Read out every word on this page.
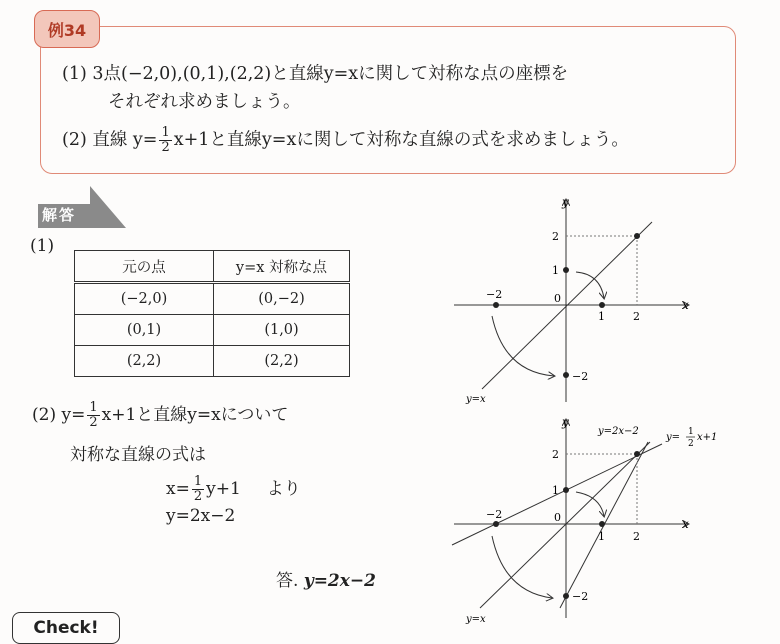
例34
(1) 3点(−2,0),(0,1),(2,2)と直線y=xに関して対称な点の座標を
それぞれ求めましょう。
(2) 直線 $y= \frac{1}{2} x+1$と直線y=xに関して対称な直線の式を求めましょう。
解答
(1)
元の点	y=x 対称な点
(−2,0)	(0,−2)
(0,1)	(1,0)
(2,2)	(2,2)
(2) $y= \frac{1}{2} x+1$と直線y=xについて
対称な直線の式は
$x= \frac{1}{2} y+1$ より
y=2x−2
答. y=2x−2
x
y
0
−2
1	2
1
2
−2
y=x
x
y
0
−2
1	2
1
2
−2
y=x
y=2x−2
y= 1
2
x+1
Check!
